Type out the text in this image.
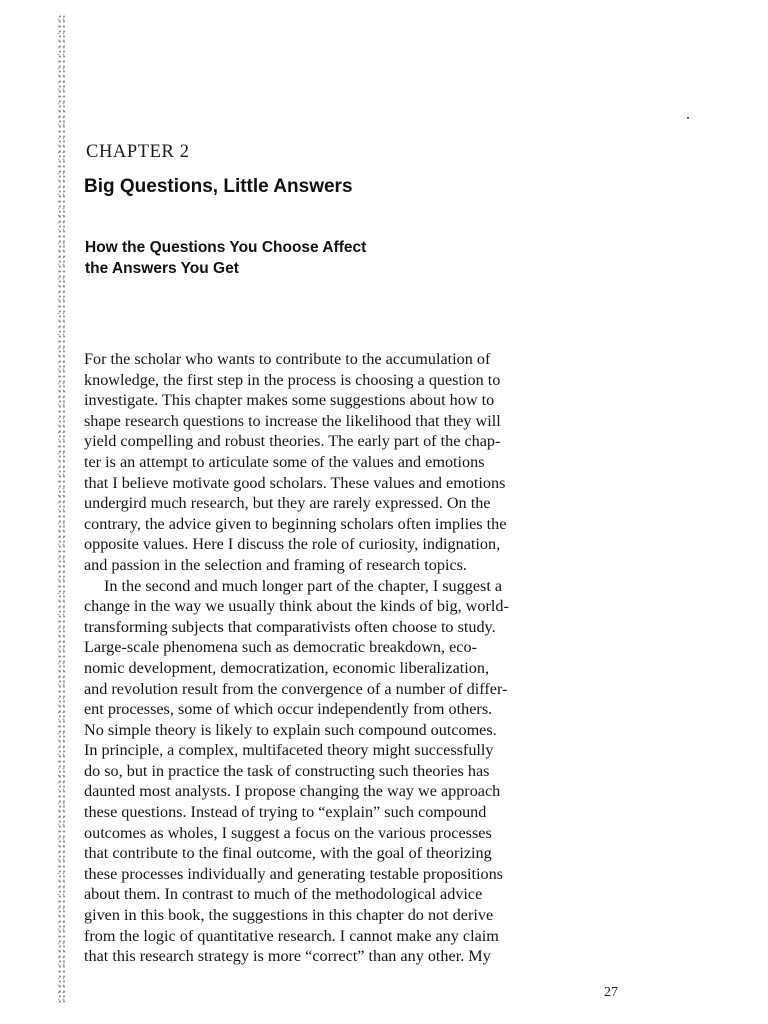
CHAPTER 2
Big Questions, Little Answers
How the Questions You Choose Affect
the Answers You Get
For the scholar who wants to contribute to the accumulation of
knowledge, the first step in the process is choosing a question to
investigate. This chapter makes some suggestions about how to
shape research questions to increase the likelihood that they will
yield compelling and robust theories. The early part of the chap-
ter is an attempt to articulate some of the values and emotions
that I believe motivate good scholars. These values and emotions
undergird much research, but they are rarely expressed. On the
contrary, the advice given to beginning scholars often implies the
opposite values. Here I discuss the role of curiosity, indignation,
and passion in the selection and framing of research topics.
In the second and much longer part of the chapter, I suggest a
change in the way we usually think about the kinds of big, world-
transforming subjects that comparativists often choose to study.
Large-scale phenomena such as democratic breakdown, eco-
nomic development, democratization, economic liberalization,
and revolution result from the convergence of a number of differ-
ent processes, some of which occur independently from others.
No simple theory is likely to explain such compound outcomes.
In principle, a complex, multifaceted theory might successfully
do so, but in practice the task of constructing such theories has
daunted most analysts. I propose changing the way we approach
these questions. Instead of trying to “explain” such compound
outcomes as wholes, I suggest a focus on the various processes
that contribute to the final outcome, with the goal of theorizing
these processes individually and generating testable propositions
about them. In contrast to much of the methodological advice
given in this book, the suggestions in this chapter do not derive
from the logic of quantitative research. I cannot make any claim
that this research strategy is more “correct” than any other. My
27
